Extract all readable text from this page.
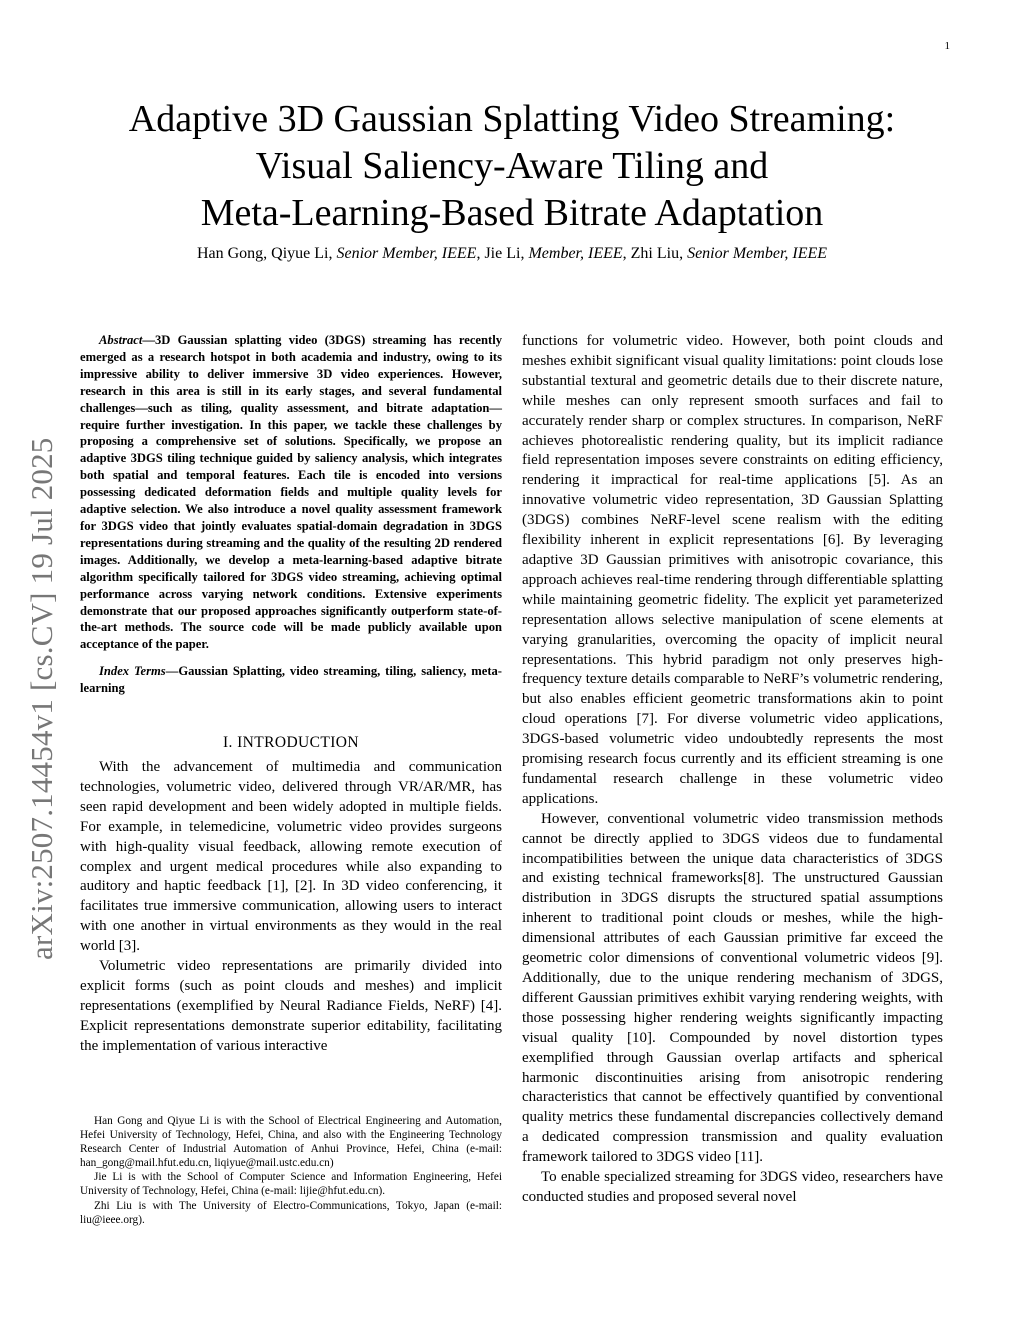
1
arXiv:2507.14454v1 [cs.CV] 19 Jul 2025
Adaptive 3D Gaussian Splatting Video Streaming:
Visual Saliency-Aware Tiling and
Meta-Learning-Based Bitrate Adaptation
Han Gong, Qiyue Li, Senior Member, IEEE, Jie Li, Member, IEEE, Zhi Liu, Senior Member, IEEE

Abstract—3D Gaussian splatting video (3DGS) streaming has recently emerged as a research hotspot in both academia and industry, owing to its impressive ability to deliver immersive 3D video experiences. However, research in this area is still in its early stages, and several fundamental challenges—such as tiling, quality assessment, and bitrate adaptation—require further investigation. In this paper, we tackle these challenges by proposing a comprehensive set of solutions. Specifically, we propose an adaptive 3DGS tiling technique guided by saliency analysis, which integrates both spatial and temporal features. Each tile is encoded into versions possessing dedicated deformation fields and multiple quality levels for adaptive selection. We also introduce a novel quality assessment framework for 3DGS video that jointly evaluates spatial-domain degradation in 3DGS representations during streaming and the quality of the resulting 2D rendered images. Additionally, we develop a meta-learning-based adaptive bitrate algorithm specifically tailored for 3DGS video streaming, achieving optimal performance across varying network conditions. Extensive experiments demonstrate that our proposed approaches significantly outperform state-of-the-art methods. The source code will be made publicly available upon acceptance of the paper.

Index Terms—Gaussian Splatting, video streaming, tiling, saliency, meta-learning

I. INTRODUCTION

With the advancement of multimedia and communication technologies, volumetric video, delivered through VR/AR/MR, has seen rapid development and been widely adopted in multiple fields. For example, in telemedicine, volumetric video provides surgeons with high-quality visual feedback, allowing remote execution of complex and urgent medical procedures while also expanding to auditory and haptic feedback [1], [2]. In 3D video conferencing, it facilitates true immersive communication, allowing users to interact with one another in virtual environments as they would in the real world [3].

Volumetric video representations are primarily divided into explicit forms (such as point clouds and meshes) and implicit representations (exemplified by Neural Radiance Fields, NeRF) [4]. Explicit representations demonstrate superior editability, facilitating the implementation of various interactive

Han Gong and Qiyue Li is with the School of Electrical Engineering and Automation, Hefei University of Technology, Hefei, China, and also with the Engineering Technology Research Center of Industrial Automation of Anhui Province, Hefei, China (e-mail: han_gong@mail.hfut.edu.cn, liqiyue@mail.ustc.edu.cn)

Jie Li is with the School of Computer Science and Information Engineering, Hefei University of Technology, Hefei, China (e-mail: lijie@hfut.edu.cn).

Zhi Liu is with The University of Electro-Communications, Tokyo, Japan (e-mail: liu@ieee.org).

functions for volumetric video. However, both point clouds and meshes exhibit significant visual quality limitations: point clouds lose substantial textural and geometric details due to their discrete nature, while meshes can only represent smooth surfaces and fail to accurately render sharp or complex structures. In comparison, NeRF achieves photorealistic rendering quality, but its implicit radiance field representation imposes severe constraints on editing efficiency, rendering it impractical for real-time applications [5]. As an innovative volumetric video representation, 3D Gaussian Splatting (3DGS) combines NeRF-level scene realism with the editing flexibility inherent in explicit representations [6]. By leveraging adaptive 3D Gaussian primitives with anisotropic covariance, this approach achieves real-time rendering through differentiable splatting while maintaining geometric fidelity. The explicit yet parameterized representation allows selective manipulation of scene elements at varying granularities, overcoming the opacity of implicit neural representations. This hybrid paradigm not only preserves high-frequency texture details comparable to NeRF’s volumetric rendering, but also enables efficient geometric transformations akin to point cloud operations [7]. For diverse volumetric video applications, 3DGS-based volumetric video undoubtedly represents the most promising research focus currently and its efficient streaming is one fundamental research challenge in these volumetric video applications.

However, conventional volumetric video transmission methods cannot be directly applied to 3DGS videos due to fundamental incompatibilities between the unique data characteristics of 3DGS and existing technical frameworks[8]. The unstructured Gaussian distribution in 3DGS disrupts the structured spatial assumptions inherent to traditional point clouds or meshes, while the high-dimensional attributes of each Gaussian primitive far exceed the geometric color dimensions of conventional volumetric videos [9]. Additionally, due to the unique rendering mechanism of 3DGS, different Gaussian primitives exhibit varying rendering weights, with those possessing higher rendering weights significantly impacting visual quality [10]. Compounded by novel distortion types exemplified through Gaussian overlap artifacts and spherical harmonic discontinuities arising from anisotropic rendering characteristics that cannot be effectively quantified by conventional quality metrics these fundamental discrepancies collectively demand a dedicated compression transmission and quality evaluation framework tailored to 3DGS video [11].

To enable specialized streaming for 3DGS video, researchers have conducted studies and proposed several novel
